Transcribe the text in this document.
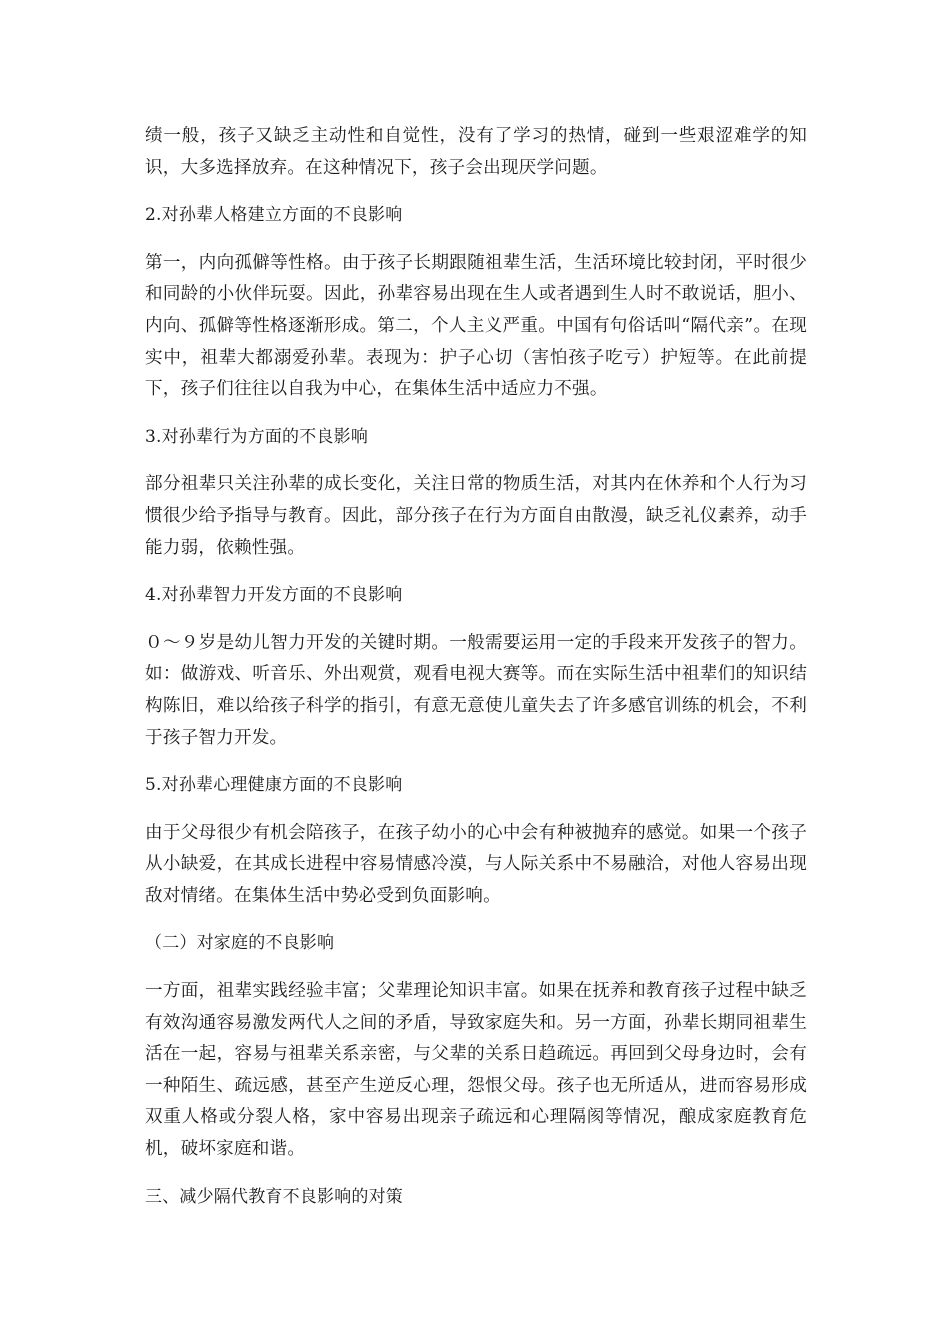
绩一般，孩子又缺乏主动性和自觉性，没有了学习的热情，碰到一些艰涩难学的知识，大多选择放弃。在这种情况下，孩子会出现厌学问题。

2.对孙辈人格建立方面的不良影响

第一，内向孤僻等性格。由于孩子长期跟随祖辈生活，生活环境比较封闭，平时很少和同龄的小伙伴玩耍。因此，孙辈容易出现在生人或者遇到生人时不敢说话，胆小、内向、孤僻等性格逐渐形成。第二，个人主义严重。中国有句俗话叫“隔代亲”。在现实中，祖辈大都溺爱孙辈。表现为：护子心切（害怕孩子吃亏）护短等。在此前提下，孩子们往往以自我为中心，在集体生活中适应力不强。

3.对孙辈行为方面的不良影响

部分祖辈只关注孙辈的成长变化，关注日常的物质生活，对其内在休养和个人行为习惯很少给予指导与教育。因此，部分孩子在行为方面自由散漫，缺乏礼仪素养，动手能力弱，依赖性强。

4.对孙辈智力开发方面的不良影响

０～９岁是幼儿智力开发的关键时期。一般需要运用一定的手段来开发孩子的智力。如：做游戏、听音乐、外出观赏，观看电视大赛等。而在实际生活中祖辈们的知识结构陈旧，难以给孩子科学的指引，有意无意使儿童失去了许多感官训练的机会，不利于孩子智力开发。

5.对孙辈心理健康方面的不良影响

由于父母很少有机会陪孩子，在孩子幼小的心中会有种被抛弃的感觉。如果一个孩子从小缺爱，在其成长进程中容易情感冷漠，与人际关系中不易融洽，对他人容易出现敌对情绪。在集体生活中势必受到负面影响。

（二）对家庭的不良影响

一方面，祖辈实践经验丰富；父辈理论知识丰富。如果在抚养和教育孩子过程中缺乏有效沟通容易激发两代人之间的矛盾，导致家庭失和。另一方面，孙辈长期同祖辈生活在一起，容易与祖辈关系亲密，与父辈的关系日趋疏远。再回到父母身边时，会有一种陌生、疏远感，甚至产生逆反心理，怨恨父母。孩子也无所适从，进而容易形成双重人格或分裂人格，家中容易出现亲子疏远和心理隔阂等情况，酿成家庭教育危机，破坏家庭和谐。

三、减少隔代教育不良影响的对策
